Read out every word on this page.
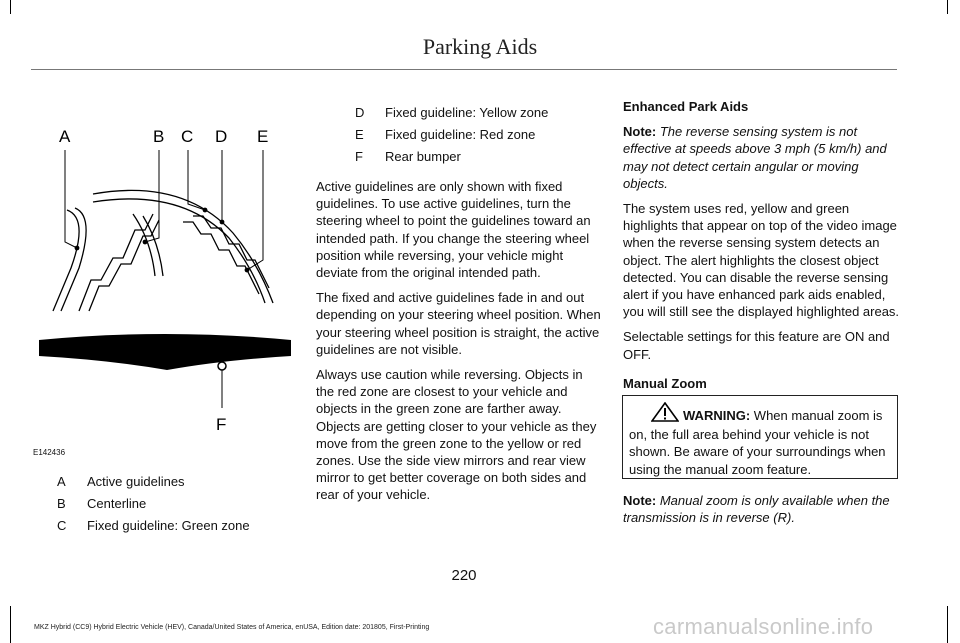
Parking Aids
A	B C D E
F
E142436
A Active guidelines
B Centerline
C Fixed guideline: Green zone
D Fixed guideline: Yellow zone
E Fixed guideline: Red zone
F Rear bumper

Active guidelines are only shown with fixed guidelines. To use active guidelines, turn the steering wheel to point the guidelines toward an intended path. If you change the steering wheel position while reversing, your vehicle might deviate from the original intended path.

The fixed and active guidelines fade in and out depending on your steering wheel position. When your steering wheel position is straight, the active guidelines are not visible.

Always use caution while reversing. Objects in the red zone are closest to your vehicle and objects in the green zone are farther away. Objects are getting closer to your vehicle as they move from the green zone to the yellow or red zones. Use the side view mirrors and rear view mirror to get better coverage on both sides and rear of your vehicle.

Enhanced Park Aids

Note: The reverse sensing system is not effective at speeds above 3 mph (5 km/h) and may not detect certain angular or moving objects.

The system uses red, yellow and green highlights that appear on top of the video image when the reverse sensing system detects an object. The alert highlights the closest object detected. You can disable the reverse sensing alert if you have enhanced park aids enabled, you will still see the displayed highlighted areas.

Selectable settings for this feature are ON and OFF.

Manual Zoom

WARNING: When manual zoom is on, the full area behind your vehicle is not shown. Be aware of your surroundings when using the manual zoom feature.

Note: Manual zoom is only available when the transmission is in reverse (R).

220
MKZ Hybrid (CC9) Hybrid Electric Vehicle (HEV), Canada/United States of America, enUSA, Edition date: 201805, First-Printing	carmanualsonline.info
